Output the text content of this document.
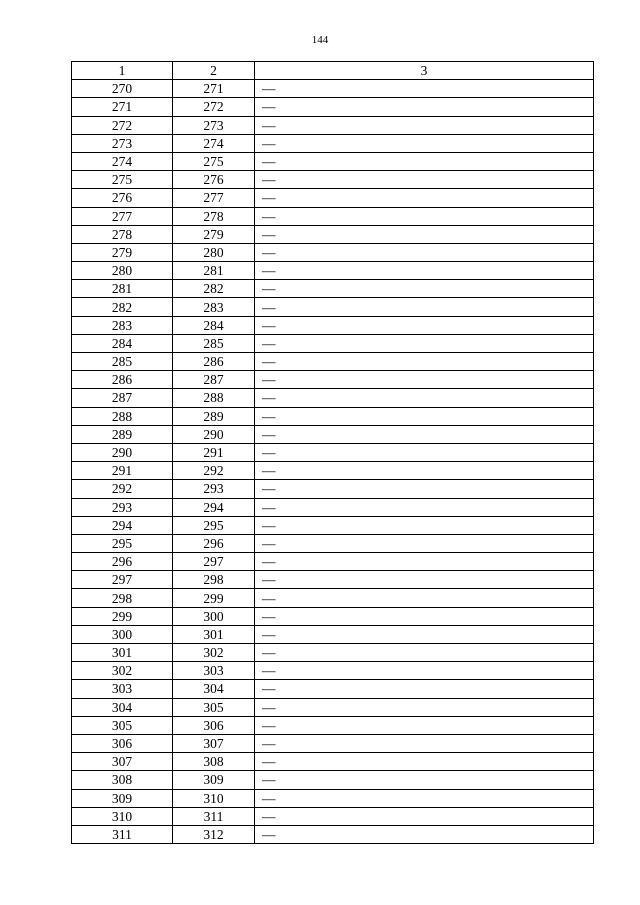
144
1	2	3
270	271	—
271	272	—
272	273	—
273	274	—
274	275	—
275	276	—
276	277	—
277	278	—
278	279	—
279	280	—
280	281	—
281	282	—
282	283	—
283	284	—
284	285	—
285	286	—
286	287	—
287	288	—
288	289	—
289	290	—
290	291	—
291	292	—
292	293	—
293	294	—
294	295	—
295	296	—
296	297	—
297	298	—
298	299	—
299	300	—
300	301	—
301	302	—
302	303	—
303	304	—
304	305	—
305	306	—
306	307	—
307	308	—
308	309	—
309	310	—
310	311	—
311	312	—
